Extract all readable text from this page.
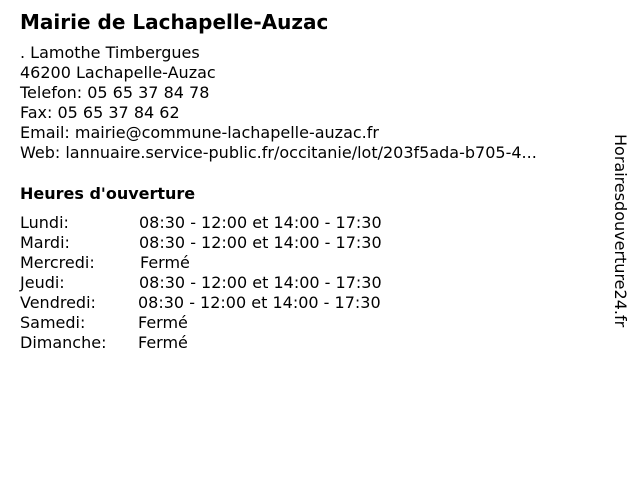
Mairie de Lachapelle-Auzac
. Lamothe Timbergues
46200 Lachapelle-Auzac
Telefon: 05 65 37 84 78
Fax: 05 65 37 84 62
Email: mairie@commune-lachapelle-auzac.fr
Web: lannuaire.service-public.fr/occitanie/lot/203f5ada-b705-4...
Heures d'ouverture
Lundi:	08:30 - 12:00 et 14:00 - 17:30
Mardi:	08:30 - 12:00 et 14:00 - 17:30
Mercredi:	Fermé
Jeudi:	08:30 - 12:00 et 14:00 - 17:30
Vendredi:	08:30 - 12:00 et 14:00 - 17:30
Samedi:	Fermé
Dimanche: Fermé
Horairesdouverture24.fr
